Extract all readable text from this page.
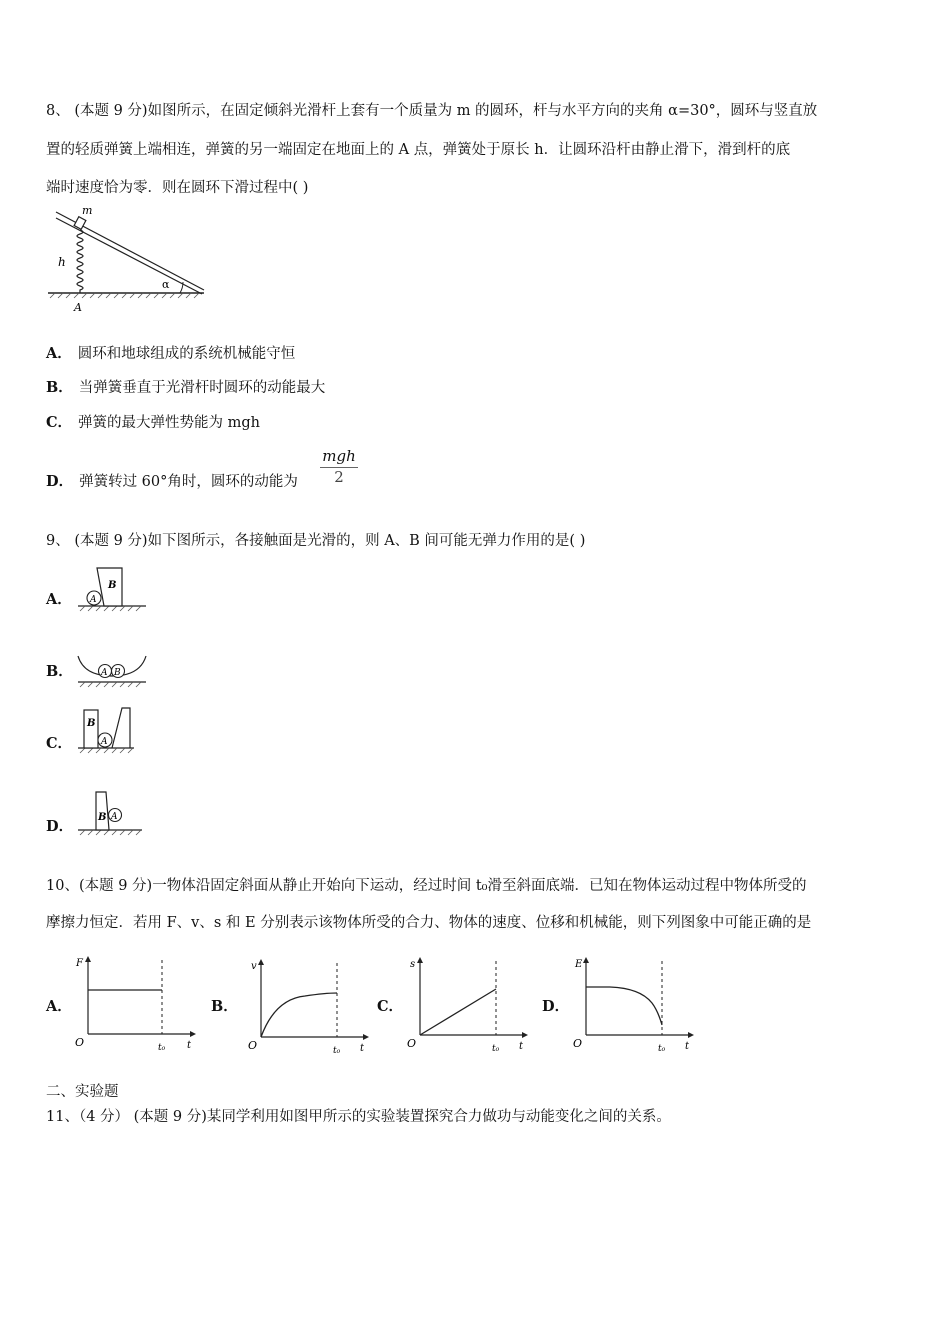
8、 (本题 9 分)如图所示，在固定倾斜光滑杆上套有一个质量为 m 的圆环，杆与水平方向的夹角 α=30°，圆环与竖直放
置的轻质弹簧上端相连，弹簧的另一端固定在地面上的 A 点，弹簧处于原长 h．让圆环沿杆由静止滑下，滑到杆的底
端时速度恰为零．则在圆环下滑过程中( )
m
h
α
A
A． 圆环和地球组成的系统机械能守恒
B． 当弹簧垂直于光滑杆时圆环的动能最大
C． 弹簧的最大弹性势能为 mgh
D． 弹簧转过 60°角时，圆环的动能为
mgh
2
9、 (本题 9 分)如下图所示，各接触面是光滑的，则 A、B 间可能无弹力作用的是( )
A． A
B
B．	A B
C．	A
B
D．
A
B
10、(本题 9 分)一物体沿固定斜面从静止开始向下运动，经过时间 t₀滑至斜面底端．已知在物体运动过程中物体所受的
摩擦力恒定．若用 F、v、s 和 E 分别表示该物体所受的合力、物体的速度、位移和机械能，则下列图象中可能正确的是
A．	B．	C．	D．
F
O	t
t₀
v
O	t
t₀
s
O	t
t₀
E
O	t
t₀
二、实验题
11、（4 分） (本题 9 分)某同学利用如图甲所示的实验装置探究合力做功与动能变化之间的关系。
